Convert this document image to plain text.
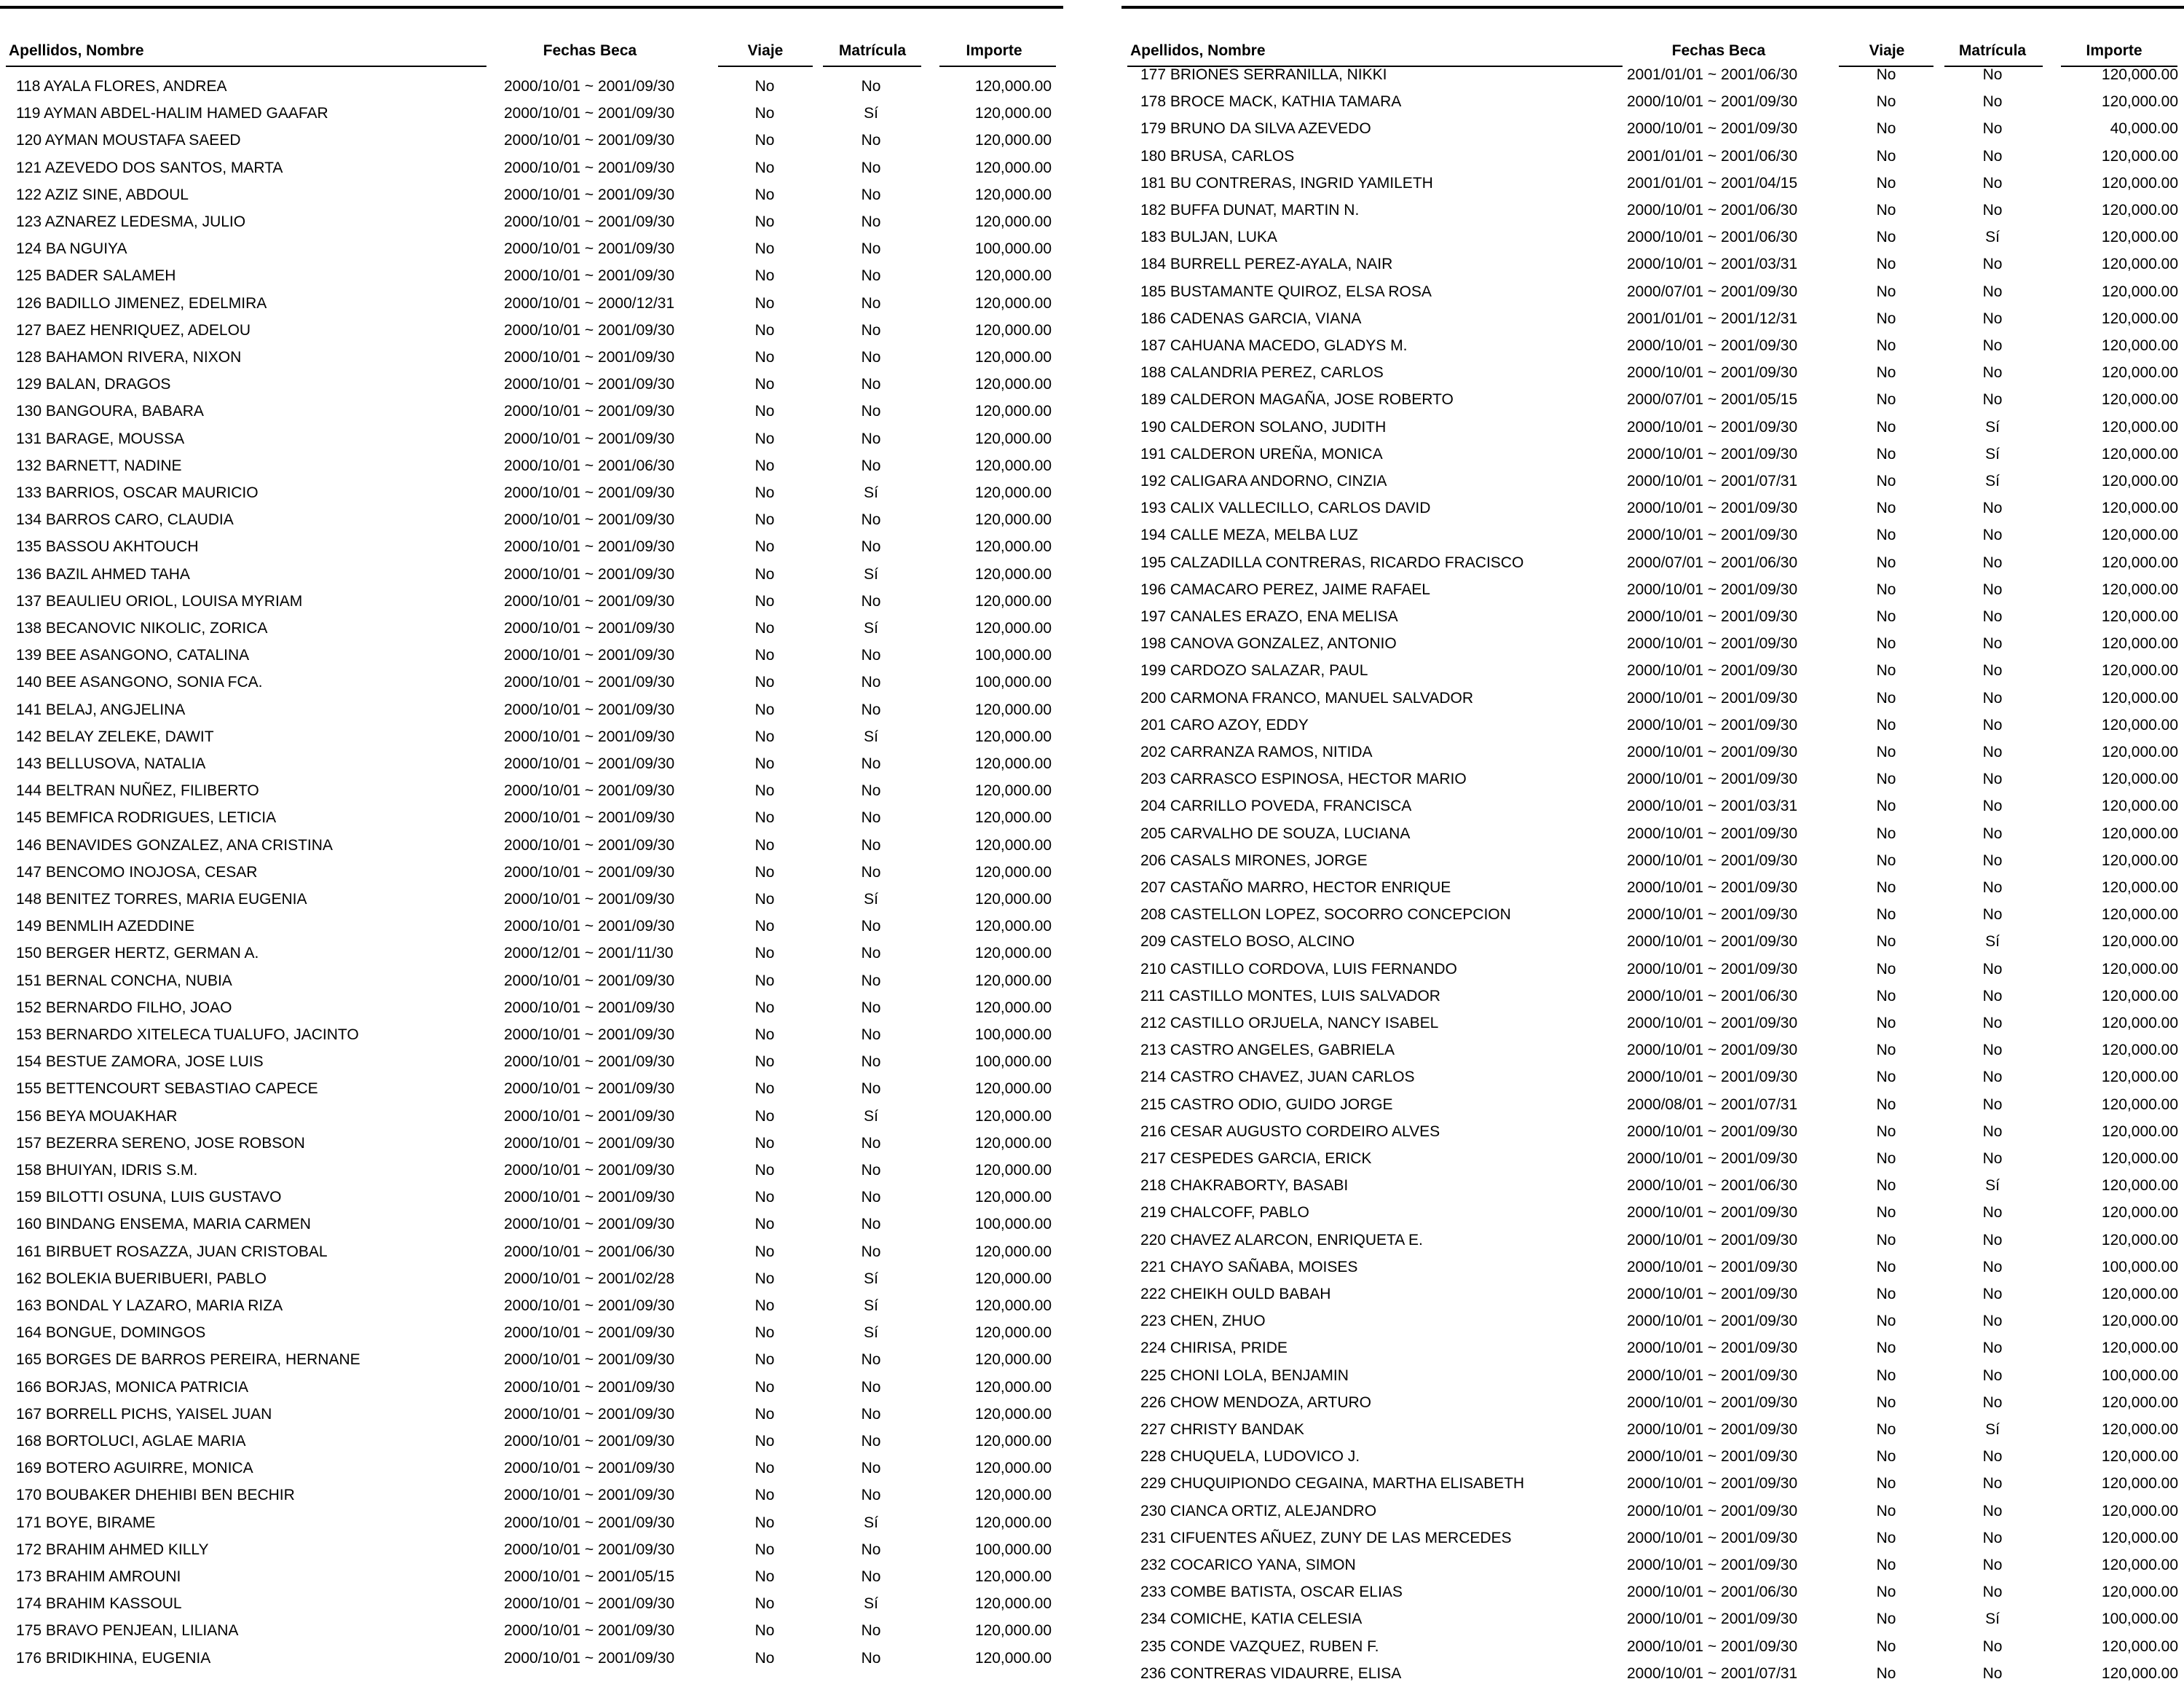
Apellidos, Nombre	Fechas Beca	Viaje	Matrícula	Importe
118 AYALA FLORES, ANDREA	2000/10/01 ~ 2001/09/30	No	No	120,000.00
119 AYMAN ABDEL-HALIM HAMED GAAFAR	2000/10/01 ~ 2001/09/30	No	Sí	120,000.00
120 AYMAN MOUSTAFA SAEED	2000/10/01 ~ 2001/09/30	No	No	120,000.00
121 AZEVEDO DOS SANTOS, MARTA	2000/10/01 ~ 2001/09/30	No	No	120,000.00
122 AZIZ SINE, ABDOUL	2000/10/01 ~ 2001/09/30	No	No	120,000.00
123 AZNAREZ LEDESMA, JULIO	2000/10/01 ~ 2001/09/30	No	No	120,000.00
124 BA NGUIYA	2000/10/01 ~ 2001/09/30	No	No	100,000.00
125 BADER SALAMEH	2000/10/01 ~ 2001/09/30	No	No	120,000.00
126 BADILLO JIMENEZ, EDELMIRA	2000/10/01 ~ 2000/12/31	No	No	120,000.00
127 BAEZ HENRIQUEZ, ADELOU	2000/10/01 ~ 2001/09/30	No	No	120,000.00
128 BAHAMON RIVERA, NIXON	2000/10/01 ~ 2001/09/30	No	No	120,000.00
129 BALAN, DRAGOS	2000/10/01 ~ 2001/09/30	No	No	120,000.00
130 BANGOURA, BABARA	2000/10/01 ~ 2001/09/30	No	No	120,000.00
131 BARAGE, MOUSSA	2000/10/01 ~ 2001/09/30	No	No	120,000.00
132 BARNETT, NADINE	2000/10/01 ~ 2001/06/30	No	No	120,000.00
133 BARRIOS, OSCAR MAURICIO	2000/10/01 ~ 2001/09/30	No	Sí	120,000.00
134 BARROS CARO, CLAUDIA	2000/10/01 ~ 2001/09/30	No	No	120,000.00
135 BASSOU AKHTOUCH	2000/10/01 ~ 2001/09/30	No	No	120,000.00
136 BAZIL AHMED TAHA	2000/10/01 ~ 2001/09/30	No	Sí	120,000.00
137 BEAULIEU ORIOL, LOUISA MYRIAM	2000/10/01 ~ 2001/09/30	No	No	120,000.00
138 BECANOVIC NIKOLIC, ZORICA	2000/10/01 ~ 2001/09/30	No	Sí	120,000.00
139 BEE ASANGONO, CATALINA	2000/10/01 ~ 2001/09/30	No	No	100,000.00
140 BEE ASANGONO, SONIA FCA.	2000/10/01 ~ 2001/09/30	No	No	100,000.00
141 BELAJ, ANGJELINA	2000/10/01 ~ 2001/09/30	No	No	120,000.00
142 BELAY ZELEKE, DAWIT	2000/10/01 ~ 2001/09/30	No	Sí	120,000.00
143 BELLUSOVA, NATALIA	2000/10/01 ~ 2001/09/30	No	No	120,000.00
144 BELTRAN NUÑEZ, FILIBERTO	2000/10/01 ~ 2001/09/30	No	No	120,000.00
145 BEMFICA RODRIGUES, LETICIA	2000/10/01 ~ 2001/09/30	No	No	120,000.00
146 BENAVIDES GONZALEZ, ANA CRISTINA	2000/10/01 ~ 2001/09/30	No	No	120,000.00
147 BENCOMO INOJOSA, CESAR	2000/10/01 ~ 2001/09/30	No	No	120,000.00
148 BENITEZ TORRES, MARIA EUGENIA	2000/10/01 ~ 2001/09/30	No	Sí	120,000.00
149 BENMLIH AZEDDINE	2000/10/01 ~ 2001/09/30	No	No	120,000.00
150 BERGER HERTZ, GERMAN A.	2000/12/01 ~ 2001/11/30	No	No	120,000.00
151 BERNAL CONCHA, NUBIA	2000/10/01 ~ 2001/09/30	No	No	120,000.00
152 BERNARDO FILHO, JOAO	2000/10/01 ~ 2001/09/30	No	No	120,000.00
153 BERNARDO XITELECA TUALUFO, JACINTO	2000/10/01 ~ 2001/09/30	No	No	100,000.00
154 BESTUE ZAMORA, JOSE LUIS	2000/10/01 ~ 2001/09/30	No	No	100,000.00
155 BETTENCOURT SEBASTIAO CAPECE	2000/10/01 ~ 2001/09/30	No	No	120,000.00
156 BEYA MOUAKHAR	2000/10/01 ~ 2001/09/30	No	Sí	120,000.00
157 BEZERRA SERENO, JOSE ROBSON	2000/10/01 ~ 2001/09/30	No	No	120,000.00
158 BHUIYAN, IDRIS S.M.	2000/10/01 ~ 2001/09/30	No	No	120,000.00
159 BILOTTI OSUNA, LUIS GUSTAVO	2000/10/01 ~ 2001/09/30	No	No	120,000.00
160 BINDANG ENSEMA, MARIA CARMEN	2000/10/01 ~ 2001/09/30	No	No	100,000.00
161 BIRBUET ROSAZZA, JUAN CRISTOBAL	2000/10/01 ~ 2001/06/30	No	No	120,000.00
162 BOLEKIA BUERIBUERI, PABLO	2000/10/01 ~ 2001/02/28	No	Sí	120,000.00
163 BONDAL Y LAZARO, MARIA RIZA	2000/10/01 ~ 2001/09/30	No	Sí	120,000.00
164 BONGUE, DOMINGOS	2000/10/01 ~ 2001/09/30	No	Sí	120,000.00
165 BORGES DE BARROS PEREIRA, HERNANE	2000/10/01 ~ 2001/09/30	No	No	120,000.00
166 BORJAS, MONICA PATRICIA	2000/10/01 ~ 2001/09/30	No	No	120,000.00
167 BORRELL PICHS, YAISEL JUAN	2000/10/01 ~ 2001/09/30	No	No	120,000.00
168 BORTOLUCI, AGLAE MARIA	2000/10/01 ~ 2001/09/30	No	No	120,000.00
169 BOTERO AGUIRRE, MONICA	2000/10/01 ~ 2001/09/30	No	No	120,000.00
170 BOUBAKER DHEHIBI BEN BECHIR	2000/10/01 ~ 2001/09/30	No	No	120,000.00
171 BOYE, BIRAME	2000/10/01 ~ 2001/09/30	No	Sí	120,000.00
172 BRAHIM AHMED KILLY	2000/10/01 ~ 2001/09/30	No	No	100,000.00
173 BRAHIM AMROUNI	2000/10/01 ~ 2001/05/15	No	No	120,000.00
174 BRAHIM KASSOUL	2000/10/01 ~ 2001/09/30	No	Sí	120,000.00
175 BRAVO PENJEAN, LILIANA	2000/10/01 ~ 2001/09/30	No	No	120,000.00
176 BRIDIKHINA, EUGENIA	2000/10/01 ~ 2001/09/30	No	No	120,000.00
Apellidos, Nombre	Fechas Beca	Viaje	Matrícula	Importe
177 BRIONES SERRANILLA, NIKKI	2001/01/01 ~ 2001/06/30	No	No	120,000.00
178 BROCE MACK, KATHIA TAMARA	2000/10/01 ~ 2001/09/30	No	No	120,000.00
179 BRUNO DA SILVA AZEVEDO	2000/10/01 ~ 2001/09/30	No	No	40,000.00
180 BRUSA, CARLOS	2001/01/01 ~ 2001/06/30	No	No	120,000.00
181 BU CONTRERAS, INGRID YAMILETH	2001/01/01 ~ 2001/04/15	No	No	120,000.00
182 BUFFA DUNAT, MARTIN N.	2000/10/01 ~ 2001/06/30	No	No	120,000.00
183 BULJAN, LUKA	2000/10/01 ~ 2001/06/30	No	Sí	120,000.00
184 BURRELL PEREZ-AYALA, NAIR	2000/10/01 ~ 2001/03/31	No	No	120,000.00
185 BUSTAMANTE QUIROZ, ELSA ROSA	2000/07/01 ~ 2001/09/30	No	No	120,000.00
186 CADENAS GARCIA, VIANA	2001/01/01 ~ 2001/12/31	No	No	120,000.00
187 CAHUANA MACEDO, GLADYS M.	2000/10/01 ~ 2001/09/30	No	No	120,000.00
188 CALANDRIA PEREZ, CARLOS	2000/10/01 ~ 2001/09/30	No	No	120,000.00
189 CALDERON MAGAÑA, JOSE ROBERTO	2000/07/01 ~ 2001/05/15	No	No	120,000.00
190 CALDERON SOLANO, JUDITH	2000/10/01 ~ 2001/09/30	No	Sí	120,000.00
191 CALDERON UREÑA, MONICA	2000/10/01 ~ 2001/09/30	No	Sí	120,000.00
192 CALIGARA ANDORNO, CINZIA	2000/10/01 ~ 2001/07/31	No	Sí	120,000.00
193 CALIX VALLECILLO, CARLOS DAVID	2000/10/01 ~ 2001/09/30	No	No	120,000.00
194 CALLE MEZA, MELBA LUZ	2000/10/01 ~ 2001/09/30	No	No	120,000.00
195 CALZADILLA CONTRERAS, RICARDO FRACISCO	2000/07/01 ~ 2001/06/30	No	No	120,000.00
196 CAMACARO PEREZ, JAIME RAFAEL	2000/10/01 ~ 2001/09/30	No	No	120,000.00
197 CANALES ERAZO, ENA MELISA	2000/10/01 ~ 2001/09/30	No	No	120,000.00
198 CANOVA GONZALEZ, ANTONIO	2000/10/01 ~ 2001/09/30	No	No	120,000.00
199 CARDOZO SALAZAR, PAUL	2000/10/01 ~ 2001/09/30	No	No	120,000.00
200 CARMONA FRANCO, MANUEL SALVADOR	2000/10/01 ~ 2001/09/30	No	No	120,000.00
201 CARO AZOY, EDDY	2000/10/01 ~ 2001/09/30	No	No	120,000.00
202 CARRANZA RAMOS, NITIDA	2000/10/01 ~ 2001/09/30	No	No	120,000.00
203 CARRASCO ESPINOSA, HECTOR MARIO	2000/10/01 ~ 2001/09/30	No	No	120,000.00
204 CARRILLO POVEDA, FRANCISCA	2000/10/01 ~ 2001/03/31	No	No	120,000.00
205 CARVALHO DE SOUZA, LUCIANA	2000/10/01 ~ 2001/09/30	No	No	120,000.00
206 CASALS MIRONES, JORGE	2000/10/01 ~ 2001/09/30	No	No	120,000.00
207 CASTAÑO MARRO, HECTOR ENRIQUE	2000/10/01 ~ 2001/09/30	No	No	120,000.00
208 CASTELLON LOPEZ, SOCORRO CONCEPCION	2000/10/01 ~ 2001/09/30	No	No	120,000.00
209 CASTELO BOSO, ALCINO	2000/10/01 ~ 2001/09/30	No	Sí	120,000.00
210 CASTILLO CORDOVA, LUIS FERNANDO	2000/10/01 ~ 2001/09/30	No	No	120,000.00
211 CASTILLO MONTES, LUIS SALVADOR	2000/10/01 ~ 2001/06/30	No	No	120,000.00
212 CASTILLO ORJUELA, NANCY ISABEL	2000/10/01 ~ 2001/09/30	No	No	120,000.00
213 CASTRO ANGELES, GABRIELA	2000/10/01 ~ 2001/09/30	No	No	120,000.00
214 CASTRO CHAVEZ, JUAN CARLOS	2000/10/01 ~ 2001/09/30	No	No	120,000.00
215 CASTRO ODIO, GUIDO JORGE	2000/08/01 ~ 2001/07/31	No	No	120,000.00
216 CESAR AUGUSTO CORDEIRO ALVES	2000/10/01 ~ 2001/09/30	No	No	120,000.00
217 CESPEDES GARCIA, ERICK	2000/10/01 ~ 2001/09/30	No	No	120,000.00
218 CHAKRABORTY, BASABI	2000/10/01 ~ 2001/06/30	No	Sí	120,000.00
219 CHALCOFF, PABLO	2000/10/01 ~ 2001/09/30	No	No	120,000.00
220 CHAVEZ ALARCON, ENRIQUETA E.	2000/10/01 ~ 2001/09/30	No	No	120,000.00
221 CHAYO SAÑABA, MOISES	2000/10/01 ~ 2001/09/30	No	No	100,000.00
222 CHEIKH OULD BABAH	2000/10/01 ~ 2001/09/30	No	No	120,000.00
223 CHEN, ZHUO	2000/10/01 ~ 2001/09/30	No	No	120,000.00
224 CHIRISA, PRIDE	2000/10/01 ~ 2001/09/30	No	No	120,000.00
225 CHONI LOLA, BENJAMIN	2000/10/01 ~ 2001/09/30	No	No	100,000.00
226 CHOW MENDOZA, ARTURO	2000/10/01 ~ 2001/09/30	No	No	120,000.00
227 CHRISTY BANDAK	2000/10/01 ~ 2001/09/30	No	Sí	120,000.00
228 CHUQUELA, LUDOVICO J.	2000/10/01 ~ 2001/09/30	No	No	120,000.00
229 CHUQUIPIONDO CEGAINA, MARTHA ELISABETH	2000/10/01 ~ 2001/09/30	No	No	120,000.00
230 CIANCA ORTIZ, ALEJANDRO	2000/10/01 ~ 2001/09/30	No	No	120,000.00
231 CIFUENTES AÑUEZ, ZUNY DE LAS MERCEDES	2000/10/01 ~ 2001/09/30	No	No	120,000.00
232 COCARICO YANA, SIMON	2000/10/01 ~ 2001/09/30	No	No	120,000.00
233 COMBE BATISTA, OSCAR ELIAS	2000/10/01 ~ 2001/06/30	No	No	120,000.00
234 COMICHE, KATIA CELESIA	2000/10/01 ~ 2001/09/30	No	Sí	100,000.00
235 CONDE VAZQUEZ, RUBEN F.	2000/10/01 ~ 2001/09/30	No	No	120,000.00
236 CONTRERAS VIDAURRE, ELISA	2000/10/01 ~ 2001/07/31	No	No	120,000.00
